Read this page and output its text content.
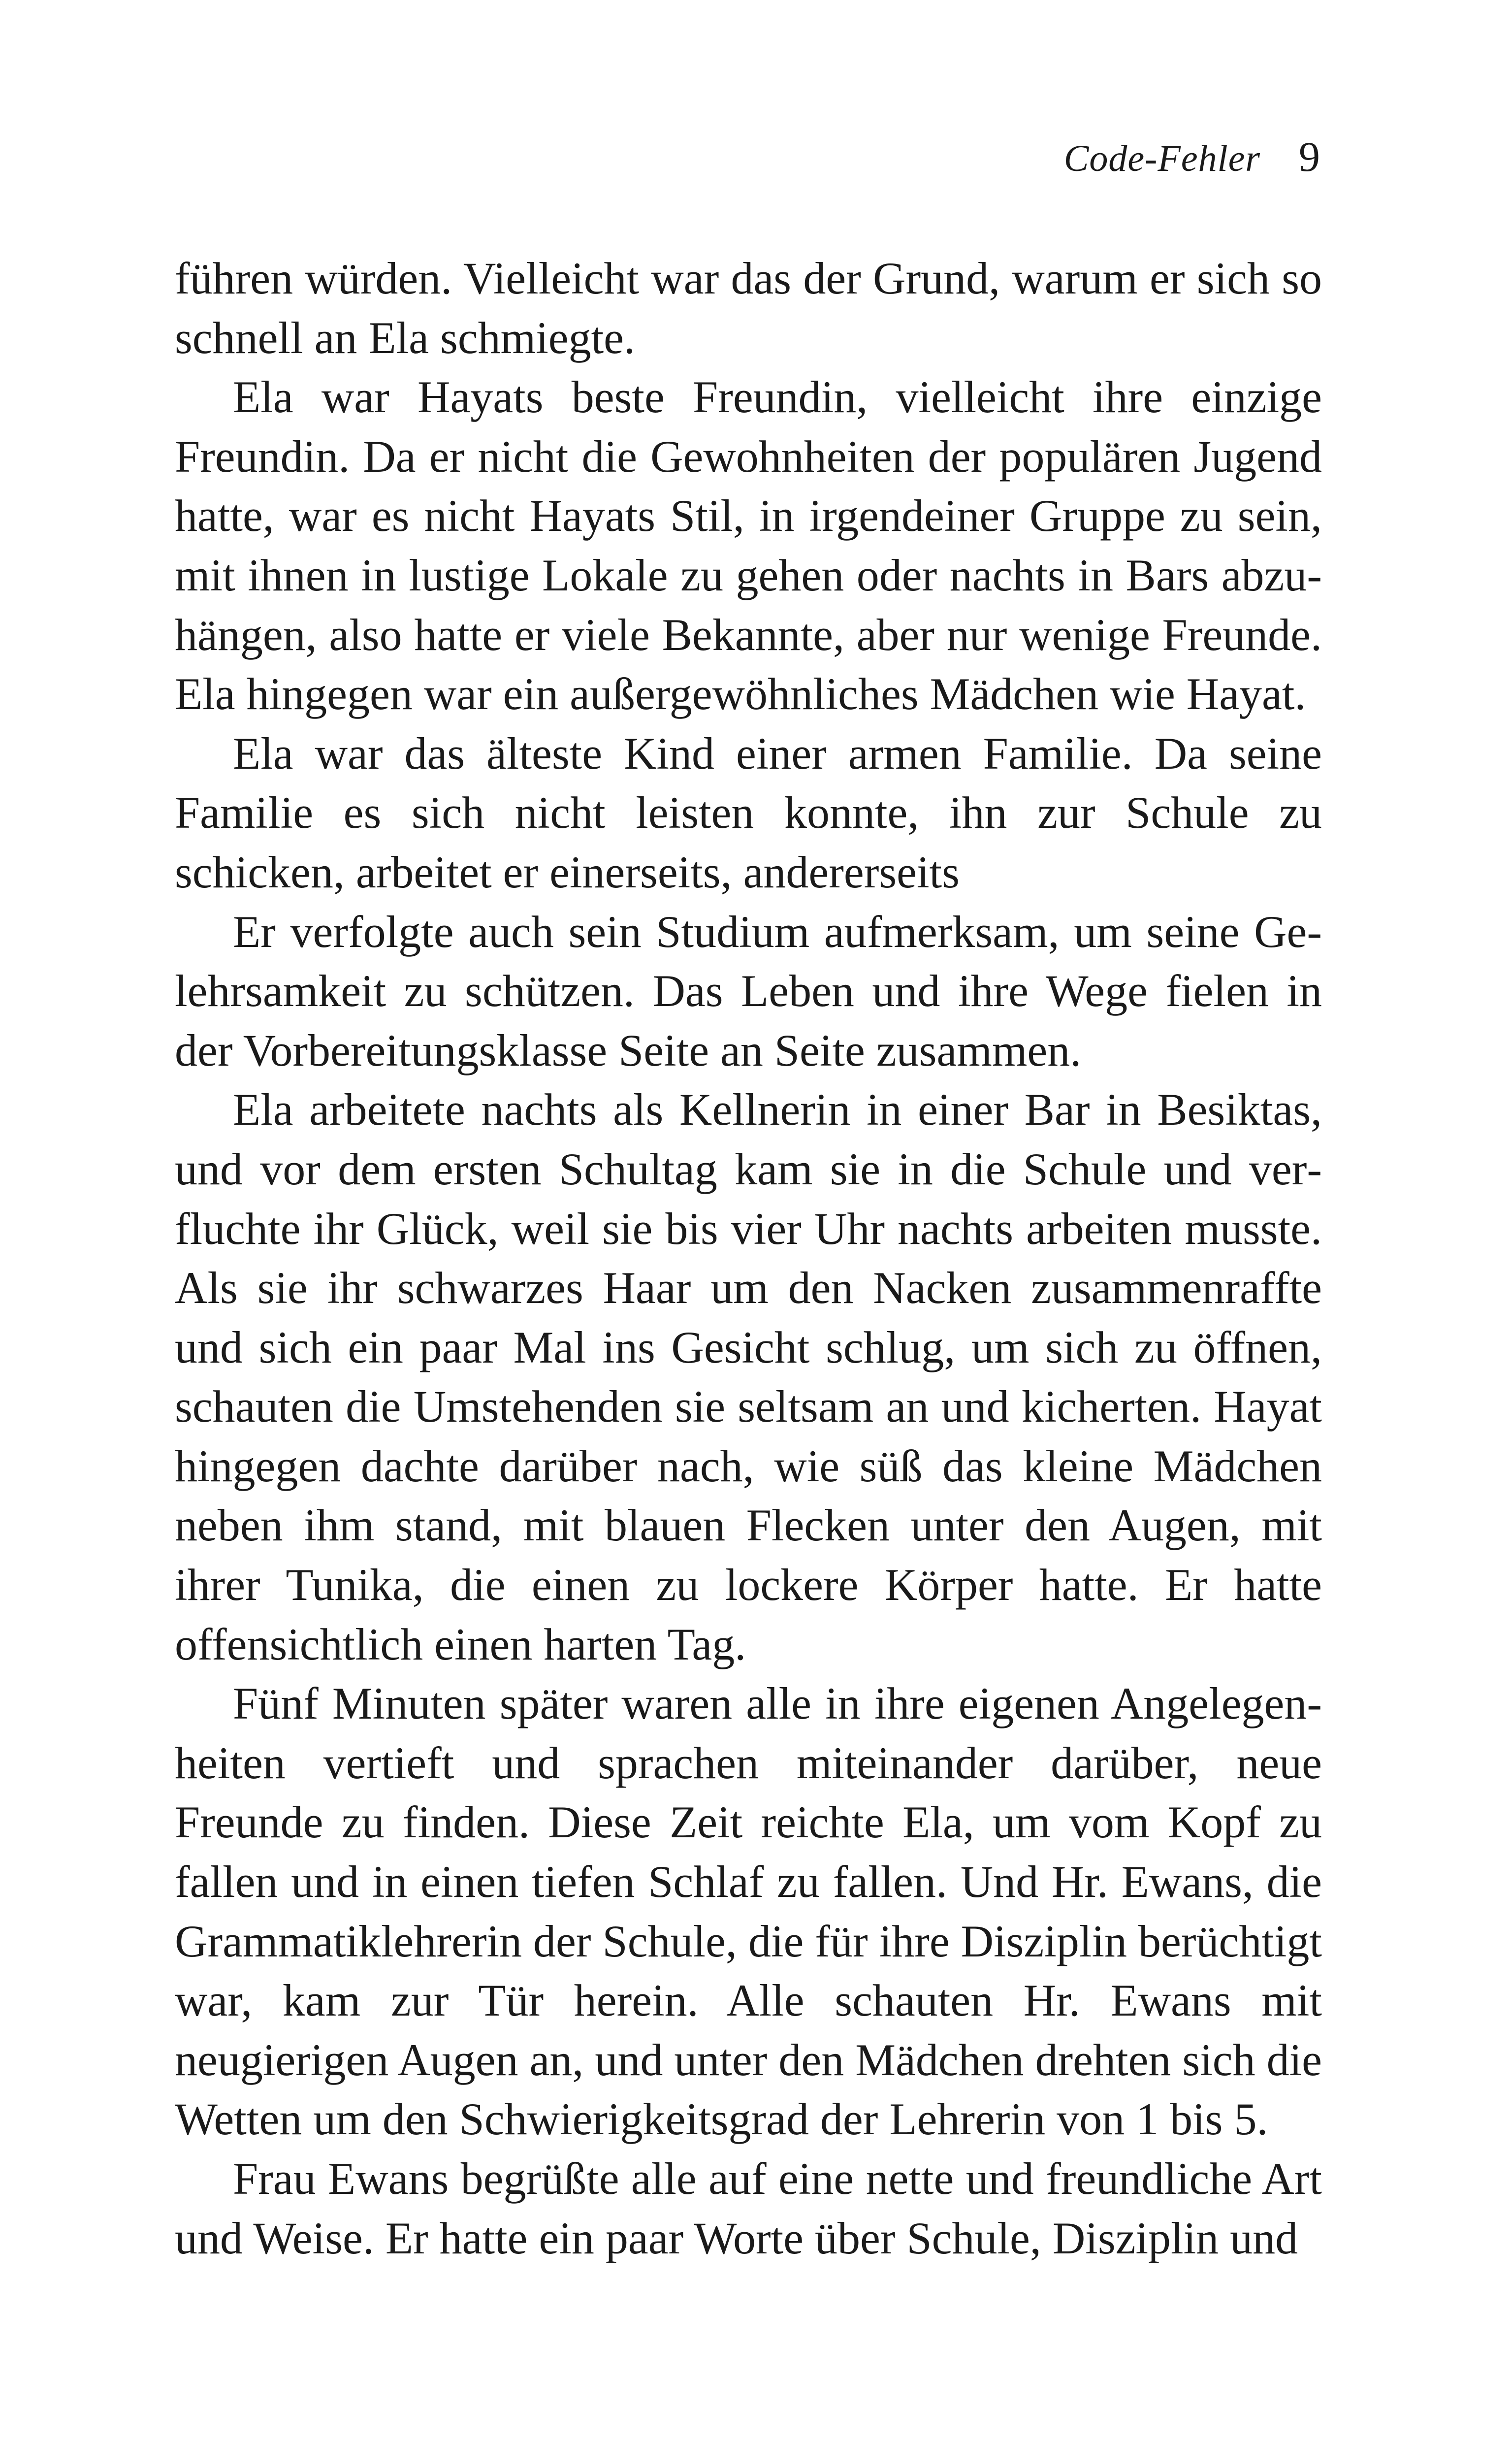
Code-Fehler 9

führen würden. Vielleicht war das der Grund, warum er sich so schnell an Ela schmiegte.

Ela war Hayats beste Freundin, vielleicht ihre einzige Freundin. Da er nicht die Gewohnheiten der populären Jugend hatte, war es nicht Hayats Stil, in irgendeiner Gruppe zu sein, mit ihnen in lustige Lokale zu gehen oder nachts in Bars abzuhängen, also hatte er viele Bekannte, aber nur wenige Freunde. Ela hingegen war ein außergewöhnliches Mädchen wie Hayat.

Ela war das älteste Kind einer armen Familie. Da seine Familie es sich nicht leisten konnte, ihn zur Schule zu schicken, arbeitet er einerseits, andererseits

Er verfolgte auch sein Studium aufmerksam, um seine Gelehrsamkeit zu schützen. Das Leben und ihre Wege fielen in der Vorbereitungsklasse Seite an Seite zusammen.

Ela arbeitete nachts als Kellnerin in einer Bar in Besiktas, und vor dem ersten Schultag kam sie in die Schule und verfluchte ihr Glück, weil sie bis vier Uhr nachts arbeiten musste. Als sie ihr schwarzes Haar um den Nacken zusammenraffte und sich ein paar Mal ins Gesicht schlug, um sich zu öffnen, schauten die Umstehenden sie seltsam an und kicherten. Hayat hingegen dachte darüber nach, wie süß das kleine Mädchen neben ihm stand, mit blauen Flecken unter den Augen, mit ihrer Tunika, die einen zu lockere Körper hatte. Er hatte offensichtlich einen harten Tag.

Fünf Minuten später waren alle in ihre eigenen Angelegenheiten vertieft und sprachen miteinander darüber, neue Freunde zu finden. Diese Zeit reichte Ela, um vom Kopf zu fallen und in einen tiefen Schlaf zu fallen. Und Hr. Ewans, die Grammatiklehrerin der Schule, die für ihre Disziplin berüchtigt war, kam zur Tür herein. Alle schauten Hr. Ewans mit neugierigen Augen an, und unter den Mädchen drehten sich die Wetten um den Schwierigkeitsgrad der Lehrerin von 1 bis 5.

Frau Ewans begrüßte alle auf eine nette und freundliche Art und Weise. Er hatte ein paar Worte über Schule, Disziplin und
